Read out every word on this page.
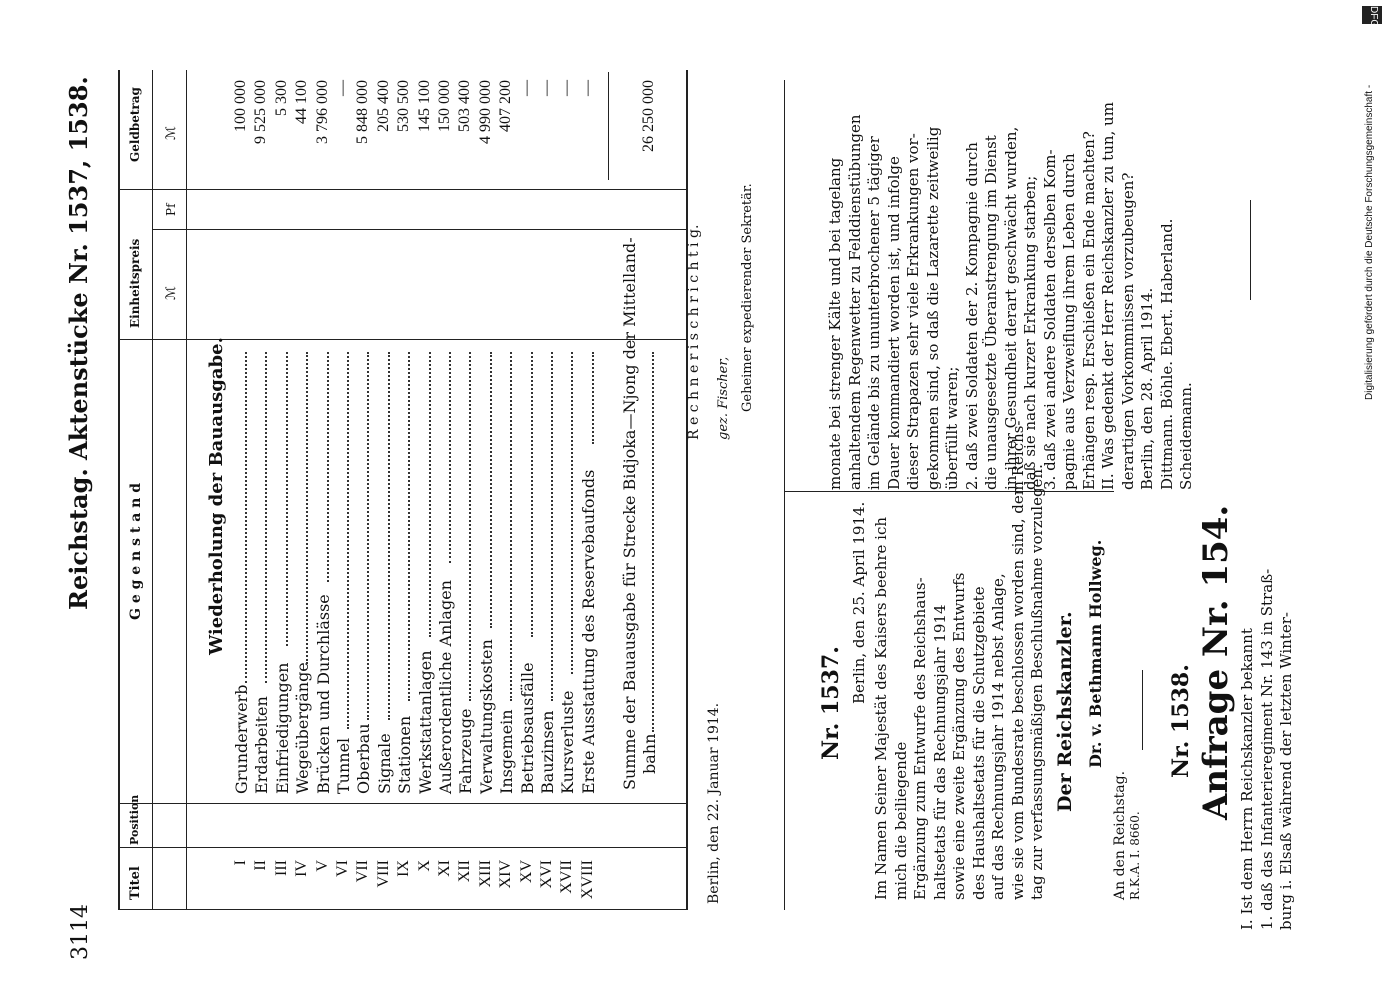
3114
Reichstag. Aktenstücke Nr. 1537, 1538.
Titel
Position
G e g e n s t a n d
Einheitspreis ℳ
Pf
Geldbetrag ℳ
Wiederholung der Bauausgabe.	Summe der Bauausgabe für Strecke Bidjoka—Njong der Mittelland- bahn
26 250 000
Berlin, den 22. Januar 1914.
R e c h n e r i s c h r i c h t i g. gez. Fischer, Geheimer expedierender Sekretär.
Nr. 1537. Berlin, den 25. April 1914. Im Namen Seiner Majestät des Kaisers beehre ich mich die beiliegende Ergänzung zum Entwurfe des Reichshaus- haltsetats für das Rechnungsjahr 1914 sowie eine zweite Ergänzung des Entwurfs des Haushaltsetats für die Schutzgebiete auf das Rechnungsjahr 1914 nebst Anlage, wie sie vom Bundesrate beschlossen worden sind, dem Reichs- tag zur verfassungsmäßigen Beschlußnahme vorzulegen. Der Reichskanzler. Dr. v. Bethmann Hollweg.
An den Reichstag. R.K.A. I. 8660.
Nr. 1538. Anfrage Nr. 154. I. Ist dem Herrn Reichskanzler bekannt 1. daß das Infanterieregiment Nr. 143 in Straß- burg i. Elsaß während der letzten Winter-

monate bei strenger Kälte und bei tagelang anhaltendem Regenwetter zu Felddienstübungen im Gelände bis zu ununterbrochener 5 tägiger Dauer kommandiert worden ist, und infolge dieser Strapazen sehr viele Erkrankungen vor- gekommen sind, so daß die Lazarette zeitweilig überfüllt waren; 2. daß zwei Soldaten der 2. Kompagnie durch die unausgesetzte Überanstrengung im Dienst in ihrer Gesundheit derart geschwächt wurden, daß sie nach kurzer Erkrankung starben; 3. daß zwei andere Soldaten derselben Kom- pagnie aus Verzweiflung ihrem Leben durch Erhängen resp. Erschießen ein Ende machten? II. Was gedenkt der Herr Reichskanzler zu tun, um derartigen Vorkommnissen vorzubeugen? Berlin, den 28. April 1914. Dittmann. Böhle. Ebert. Haberland. Scheidemann.

I
Grunderwerb
100 000
II
Erdarbeiten
9 525 000
III
Einfriedigungen
5 300
IV
Wegeübergänge
44 100
V
Brücken und Durchlässe
3 796 000
VI
Tunnel
—
VII
Oberbau
5 848 000
VIII
Signale
205 400
IX
Stationen
530 500
X
Werkstattanlagen
145 100
XI
Außerordentliche Anlagen
150 000
XII
Fahrzeuge
503 400
XIII
Verwaltungskosten
4 990 000
XIV
Insgemein
407 200
XV
Betriebsausfälle
—
XVI
Bauzinsen
—
XVII
Kursverluste
—
XVIII
Erste Ausstattung des Reservebaufonds
—
DFG
Digitalisierung gefördert durch die Deutsche Forschungsgemeinschaft -
